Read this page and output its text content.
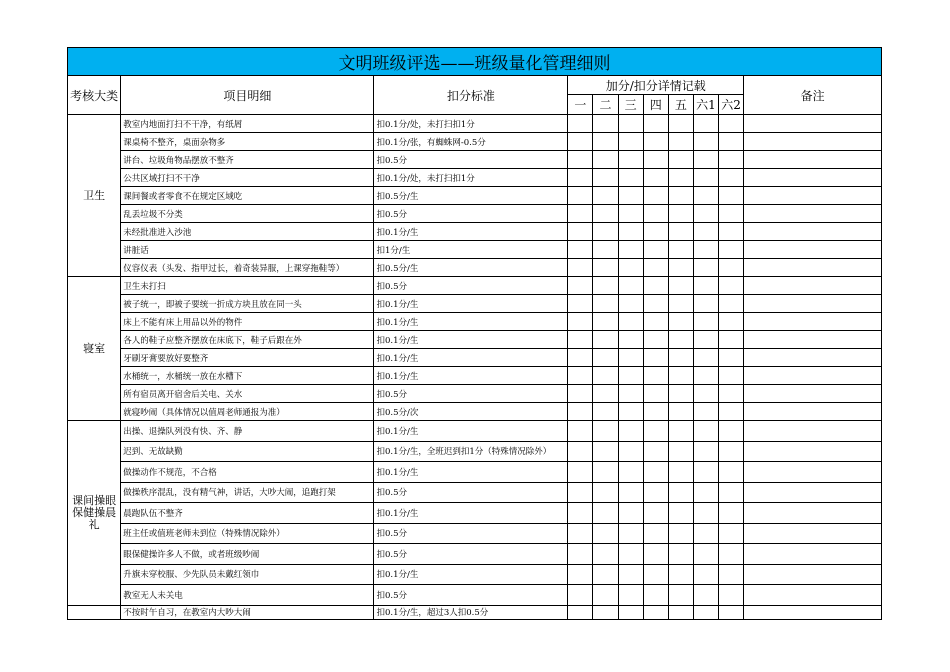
文明班级评选——班级量化管理细则										
考核大类	项目明细	扣分标准	加分/扣分详情记载							备注
			一	二	三	四	五	六1	六2	
卫生	教室内地面打扫不干净，有纸屑	扣0.1分/处，未打扫扣1分								
	课桌椅不整齐，桌面杂物多	扣0.1分/张，有蜘蛛网-0.5分								
	讲台、垃圾角物品摆放不整齐	扣0.5分								
	公共区域打扫不干净	扣0.1分/处，未打扫扣1分								
	课间餐或者零食不在规定区域吃	扣0.5分/生								
	乱丢垃圾不分类	扣0.5分								
	未经批准进入沙池	扣0.1分/生								
	讲脏话	扣1分/生								
	仪容仪表（头发、指甲过长，着奇装异服，上课穿拖鞋等）	扣0.5分/生								
寝室	卫生未打扫	扣0.5分								
	被子统一，即被子要统一折成方块且放在同一头	扣0.1分/生								
	床上不能有床上用品以外的物件	扣0.1分/生								
	各人的鞋子应整齐摆放在床底下，鞋子后跟在外	扣0.1分/生								
	牙刷牙膏要放好要整齐	扣0.1分/生								
	水桶统一，水桶统一放在水槽下	扣0.1分/生								
	所有宿员离开宿舍后关电、关水	扣0.5分								
	就寝吵闹（具体情况以值周老师通报为准）	扣0.5分/次								
课间操眼保健操晨礼	出操、退操队列没有快、齐、静	扣0.1分/生								
	迟到、无故缺勤	扣0.1分/生，全班迟到扣1分（特殊情况除外）								
	做操动作不规范，不合格	扣0.1分/生								
	做操秩序混乱，没有精气神，讲话，大吵大闹，追跑打架	扣0.5分								
	晨跑队伍不整齐	扣0.1分/生								
	班主任或值班老师未到位（特殊情况除外）	扣0.5分								
	眼保健操许多人不做，或者班级吵闹	扣0.5分								
	升旗未穿校服、少先队员未戴红领巾	扣0.1分/生								
	教室无人未关电	扣0.5分								
	不按时午自习，在教室内大吵大闹	扣0.1分/生，超过3人扣0.5分								
